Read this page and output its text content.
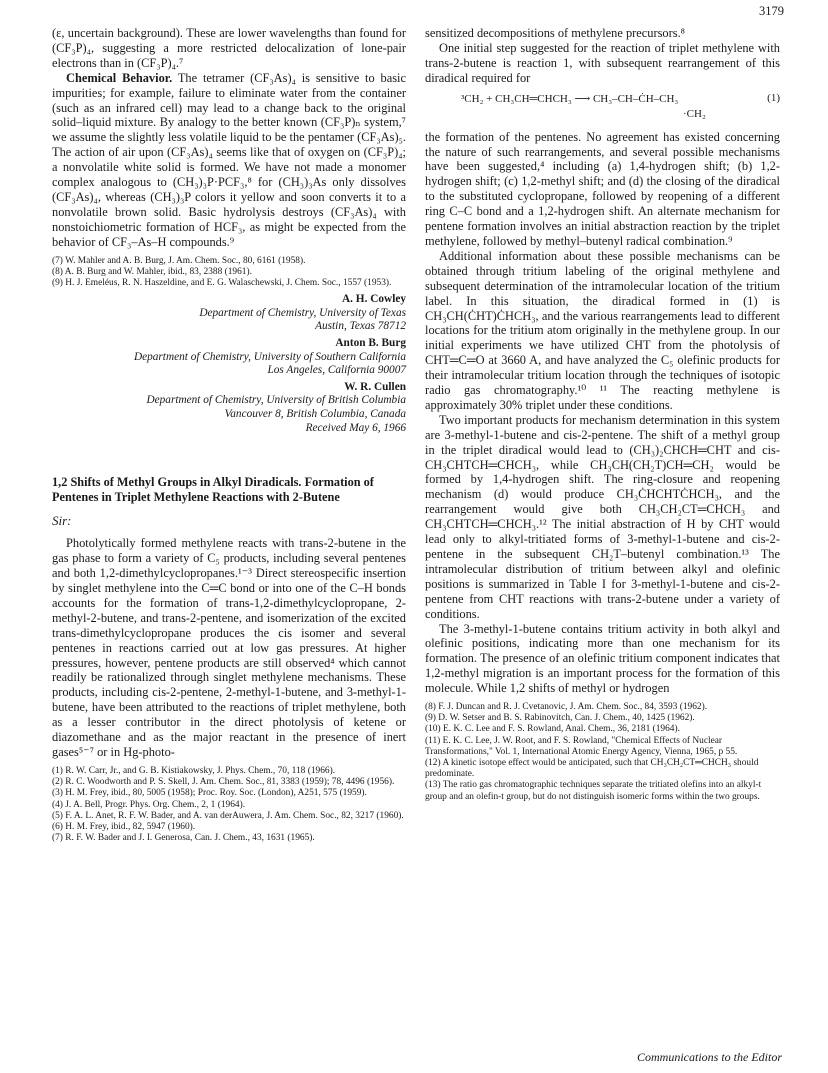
3179

(ε, uncertain background). These are lower wavelengths than found for (CF₃P)₄, suggesting a more restricted delocalization of lone-pair electrons than in (CF₃P)₄.⁷

Chemical Behavior. The tetramer (CF₃As)₄ is sensitive to basic impurities; for example, failure to eliminate water from the container (such as an infrared cell) may lead to a change back to the original solid–liquid mixture. By analogy to the better known (CF₃P)ₙ system,⁷ we assume the slightly less volatile liquid to be the pentamer (CF₃As)₅. The action of air upon (CF₃As)₄ seems like that of oxygen on (CF₃P)₄; a nonvolatile white solid is formed. We have not made a monomer complex analogous to (CH₃)₃P·PCF₃,⁸ for (CH₃)₃As only dissolves (CF₃As)₄, whereas (CH₃)₃P colors it yellow and soon converts it to a nonvolatile brown solid. Basic hydrolysis destroys (CF₃As)₄ with nonstoichiometric formation of HCF₃, as might be expected from the behavior of CF₃–As–H compounds.⁹

(7) W. Mahler and A. B. Burg, J. Am. Chem. Soc., 80, 6161 (1958).

(8) A. B. Burg and W. Mahler, ibid., 83, 2388 (1961).

(9) H. J. Emeléus, R. N. Haszeldine, and E. G. Walaschewski, J. Chem. Soc., 1557 (1953).

A. H. Cowley
Department of Chemistry, University of Texas
Austin, Texas 78712
Anton B. Burg
Department of Chemistry, University of Southern California
Los Angeles, California 90007
W. R. Cullen
Department of Chemistry, University of British Columbia
Vancouver 8, British Columbia, Canada
Received May 6, 1966

1,2 Shifts of Methyl Groups in Alkyl Diradicals. Formation of Pentenes in Triplet Methylene Reactions with 2-Butene

Sir:

Photolytically formed methylene reacts with trans-2-butene in the gas phase to form a variety of C₅ products, including several pentenes and both 1,2-dimethylcyclopropanes.¹⁻³ Direct stereospecific insertion by singlet methylene into the C═C bond or into one of the C–H bonds accounts for the formation of trans-1,2-dimethylcyclopropane, 2-methyl-2-butene, and trans-2-pentene, and isomerization of the excited trans-dimethylcyclopropane produces the cis isomer and several pentenes in reactions carried out at low gas pressures. At higher pressures, however, pentene products are still observed⁴ which cannot readily be rationalized through singlet methylene mechanisms. These products, including cis-2-pentene, 2-methyl-1-butene, and 3-methyl-1-butene, have been attributed to the reactions of triplet methylene, both as a lesser contributor in the direct photolysis of ketene or diazomethane and as the major reactant in the presence of inert gases⁵⁻⁷ or in Hg-photo-

(1) R. W. Carr, Jr., and G. B. Kistiakowsky, J. Phys. Chem., 70, 118 (1966).

(2) R. C. Woodworth and P. S. Skell, J. Am. Chem. Soc., 81, 3383 (1959); 78, 4496 (1956).

(3) H. M. Frey, ibid., 80, 5005 (1958); Proc. Roy. Soc. (London), A251, 575 (1959).

(4) J. A. Bell, Progr. Phys. Org. Chem., 2, 1 (1964).

(5) F. A. L. Anet, R. F. W. Bader, and A. van derAuwera, J. Am. Chem. Soc., 82, 3217 (1960).

(6) H. M. Frey, ibid., 82, 5947 (1960).

(7) R. F. W. Bader and J. I. Generosa, Can. J. Chem., 43, 1631 (1965).

sensitized decompositions of methylene precursors.⁸

One initial step suggested for the reaction of triplet methylene with trans-2-butene is reaction 1, with subsequent rearrangement of this diradical required for

³CH₂ + CH₃CH═CHCH₃ ⟶ CH₃–CH–ĊH–CH₃	(1)
·CH₂

the formation of the pentenes. No agreement has existed concerning the nature of such rearrangements, and several possible mechanisms have been suggested,⁴ including (a) 1,4-hydrogen shift; (b) 1,2-hydrogen shift; (c) 1,2-methyl shift; and (d) the closing of the diradical to the substituted cyclopropane, followed by reopening of a different ring C–C bond and a 1,2-hydrogen shift. An alternate mechanism for pentene formation involves an initial abstraction reaction by the triplet methylene, followed by methyl–butenyl radical combination.⁹

Additional information about these possible mechanisms can be obtained through tritium labeling of the original methylene and subsequent determination of the intramolecular location of the tritium label. In this situation, the diradical formed in (1) is CH₃CH(ĊHT)ĊHCH₃, and the various rearrangements lead to different locations for the tritium atom originally in the methylene group. In our initial experiments we have utilized CHT from the photolysis of CHT═C═O at 3660 A, and have analyzed the C₅ olefinic products for their intramolecular tritium location through the techniques of isotopic radio gas chromatography.¹⁰ ¹¹ The reacting methylene is approximately 30% triplet under these conditions.

Two important products for mechanism determination in this system are 3-methyl-1-butene and cis-2-pentene. The shift of a methyl group in the triplet diradical would lead to (CH₃)₂CHCH═CHT and cis-CH₃CHTCH═CHCH₃, while CH₃CH(CH₂T)CH═CH₂ would be formed by 1,4-hydrogen shift. The ring-closure and reopening mechanism (d) would produce CH₃ĊHCHTĊHCH₃, and the rearrangement would give both CH₃CH₂CT═CHCH₃ and CH₃CHTCH═CHCH₃.¹² The initial abstraction of H by CHT would lead only to alkyl-tritiated forms of 3-methyl-1-butene and cis-2-pentene in the subsequent CH₂T–butenyl combination.¹³ The intramolecular distribution of tritium between alkyl and olefinic positions is summarized in Table I for 3-methyl-1-butene and cis-2-pentene from CHT reactions with trans-2-butene under a variety of conditions.

The 3-methyl-1-butene contains tritium activity in both alkyl and olefinic positions, indicating more than one mechanism for its formation. The presence of an olefinic tritium component indicates that 1,2-methyl migration is an important process for the formation of this molecule. While 1,2 shifts of methyl or hydrogen

(8) F. J. Duncan and R. J. Cvetanovic, J. Am. Chem. Soc., 84, 3593 (1962).

(9) D. W. Setser and B. S. Rabinovitch, Can. J. Chem., 40, 1425 (1962).

(10) E. K. C. Lee and F. S. Rowland, Anal. Chem., 36, 2181 (1964).

(11) E. K. C. Lee, J. W. Root, and F. S. Rowland, "Chemical Effects of Nuclear Transformations," Vol. 1, International Atomic Energy Agency, Vienna, 1965, p 55.

(12) A kinetic isotope effect would be anticipated, such that CH₃CH₂CT═CHCH₃ should predominate.

(13) The ratio gas chromatographic techniques separate the tritiated olefins into an alkyl-t group and an olefin-t group, but do not distinguish isomeric forms within the two groups.

Communications to the Editor
